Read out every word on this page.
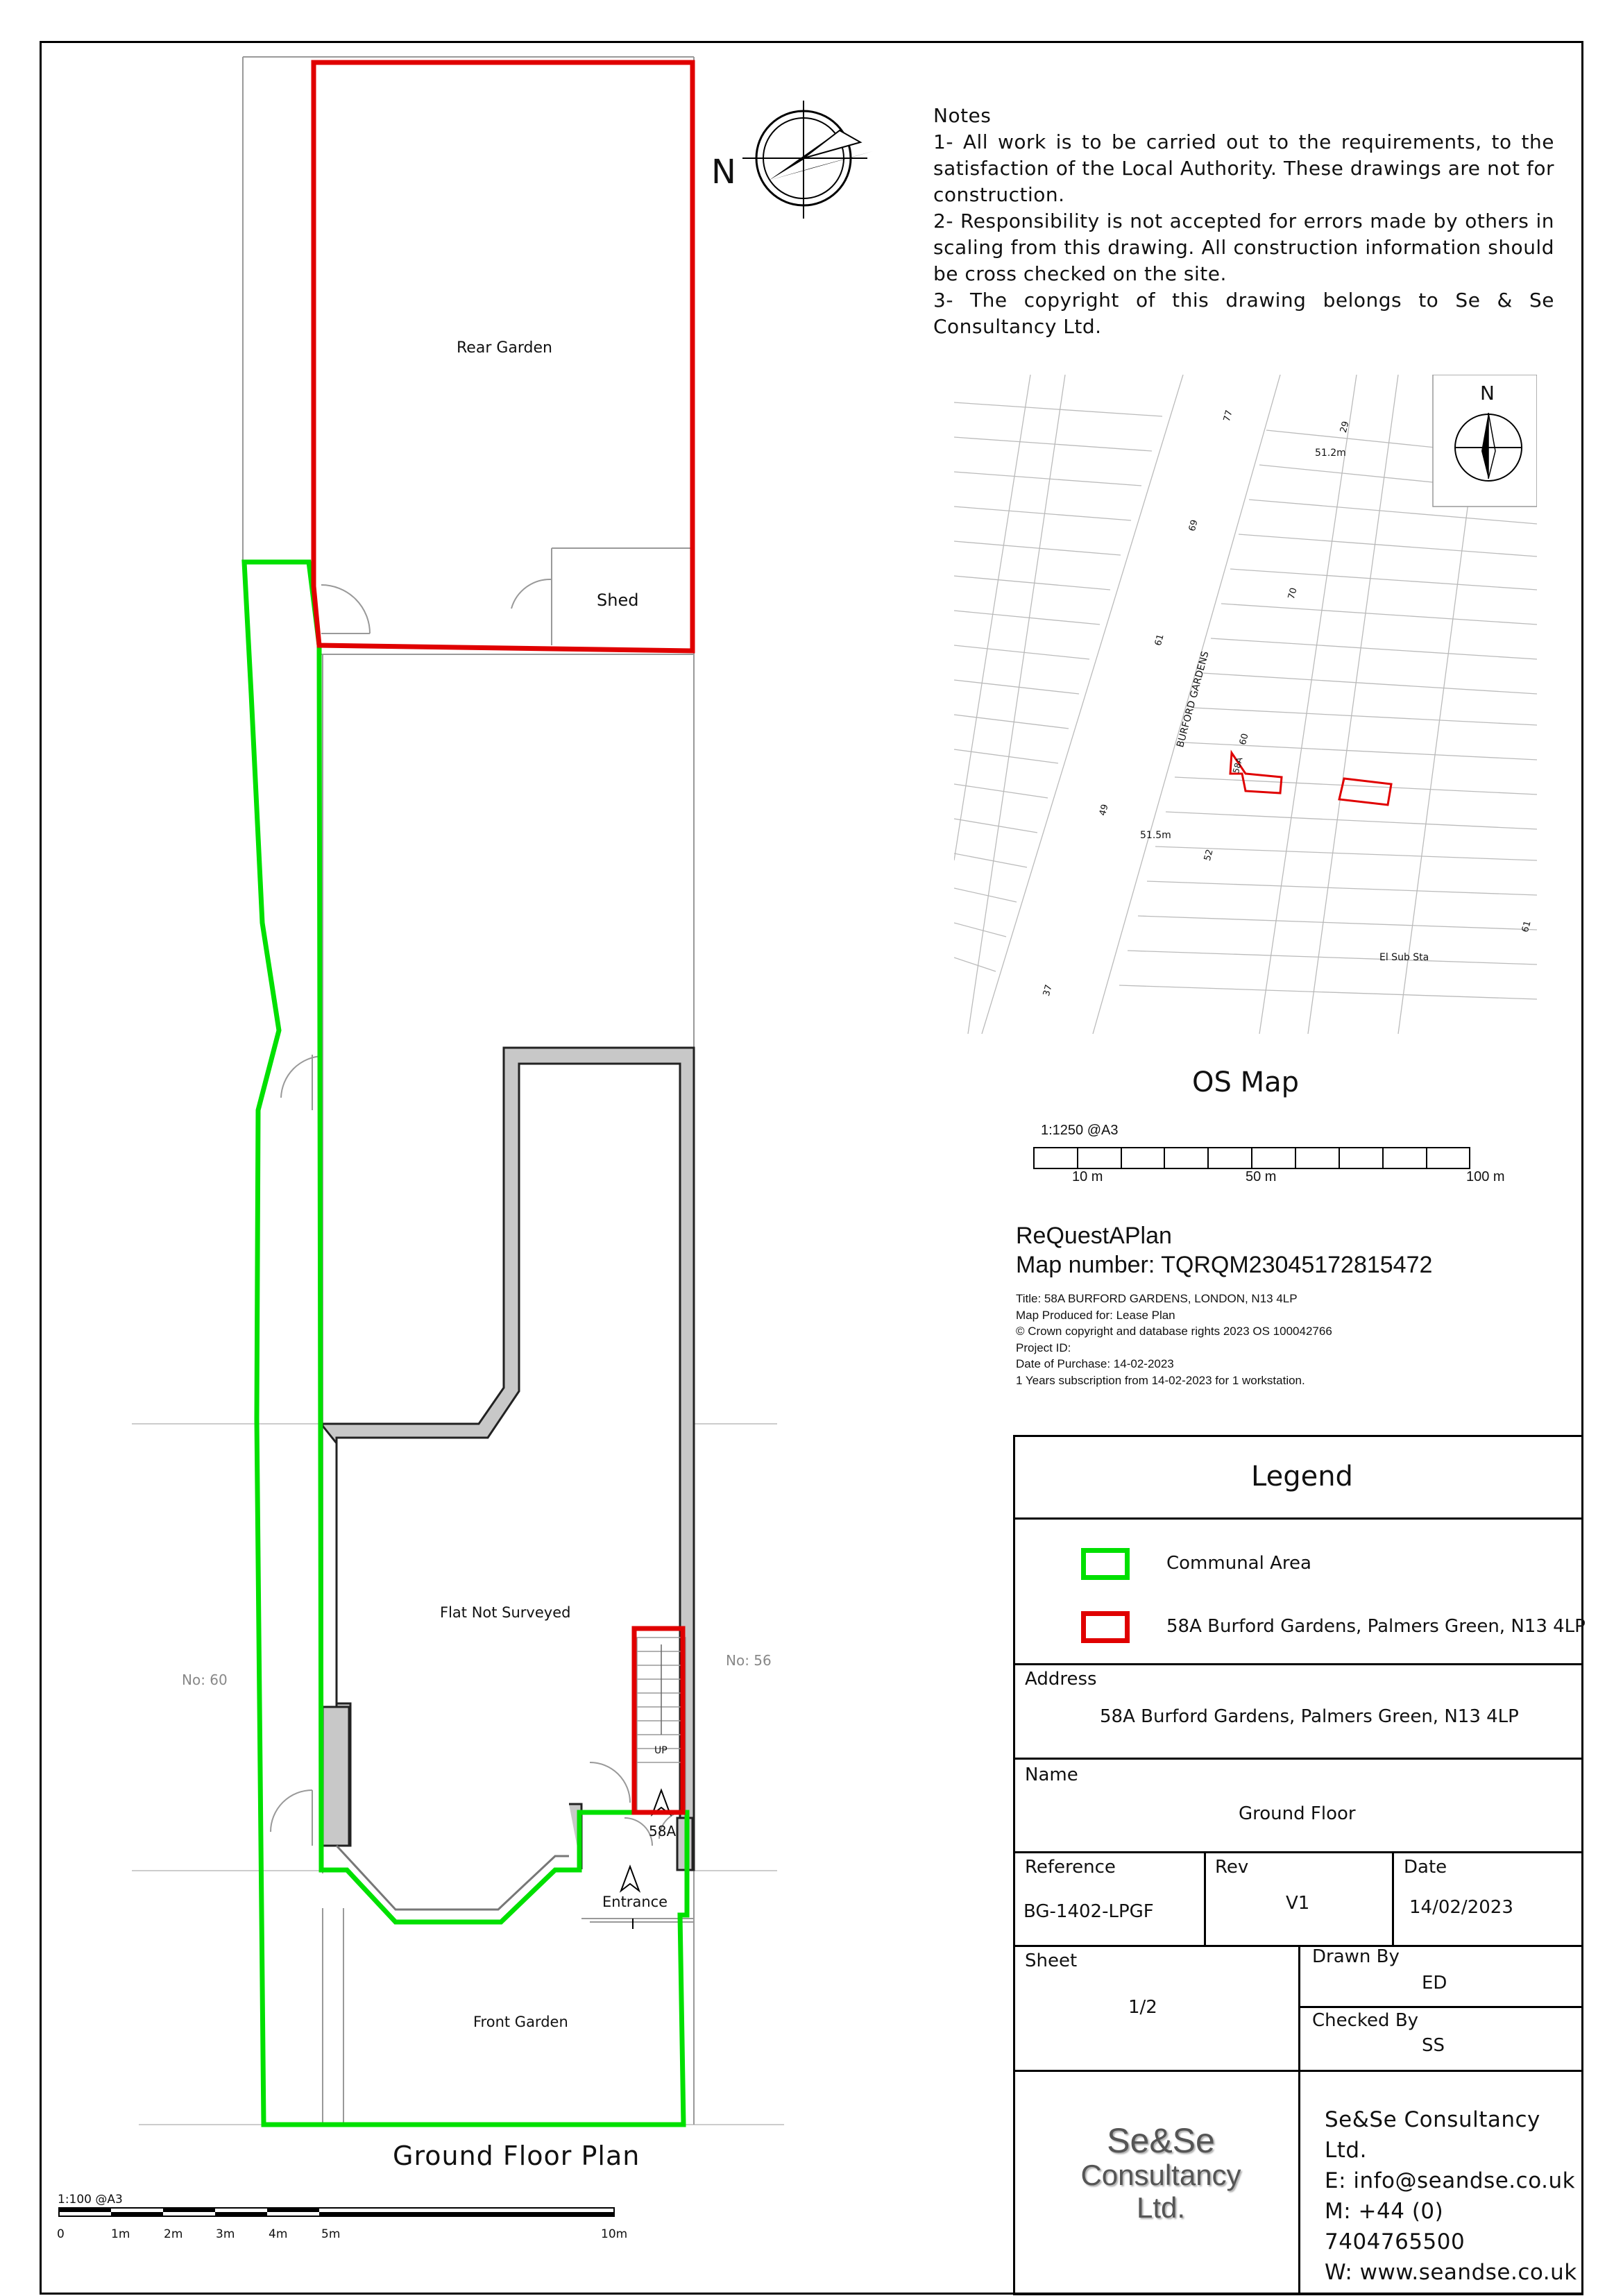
Rear Garden
Shed
Flat Not Surveyed
Front Garden
Entrance
UP
58A
No: 60
No: 56
Ground Floor Plan
N
1:100 @A3
0	1m	2m	3m	4m	5m	10m
Notes
1- All work is to be carried out to the requirements, to the satisfaction of the Local Authority. These drawings are not for construction.
2- Responsibility is not accepted for errors made by others in scaling from this drawing. All construction information should be cross checked on the site.
3- The copyright of this drawing belongs to Se & Se Consultancy Ltd.
N
77
69
61
49
37
29
70
60
58A
52
61
BURFORD GARDENS
51.2m
51.5m
El Sub Sta
OS Map
1:1250 @A3
10 m	50 m	100 m
ReQuestAPlan
Map number: TQRQM23045172815472
Title: 58A BURFORD GARDENS, LONDON, N13 4LP
Map Produced for: Lease Plan
© Crown copyright and database rights 2023 OS 100042766
Project ID:
Date of Purchase: 14-02-2023
1 Years subscription from 14-02-2023 for 1 workstation.
Legend
Communal Area
58A Burford Gardens, Palmers Green, N13 4LP
Address
58A Burford Gardens, Palmers Green, N13 4LP
Name
Ground Floor
Reference
BG-1402-LPGF
Rev
V1
Date
14/02/2023
Sheet
1/2
Drawn By
ED
Checked By
SS
Se&Se
Consultancy
Ltd.
Se&Se Consultancy Ltd.
E: info@seandse.co.uk
M: +44 (0) 7404765500
W: www.seandse.co.uk
